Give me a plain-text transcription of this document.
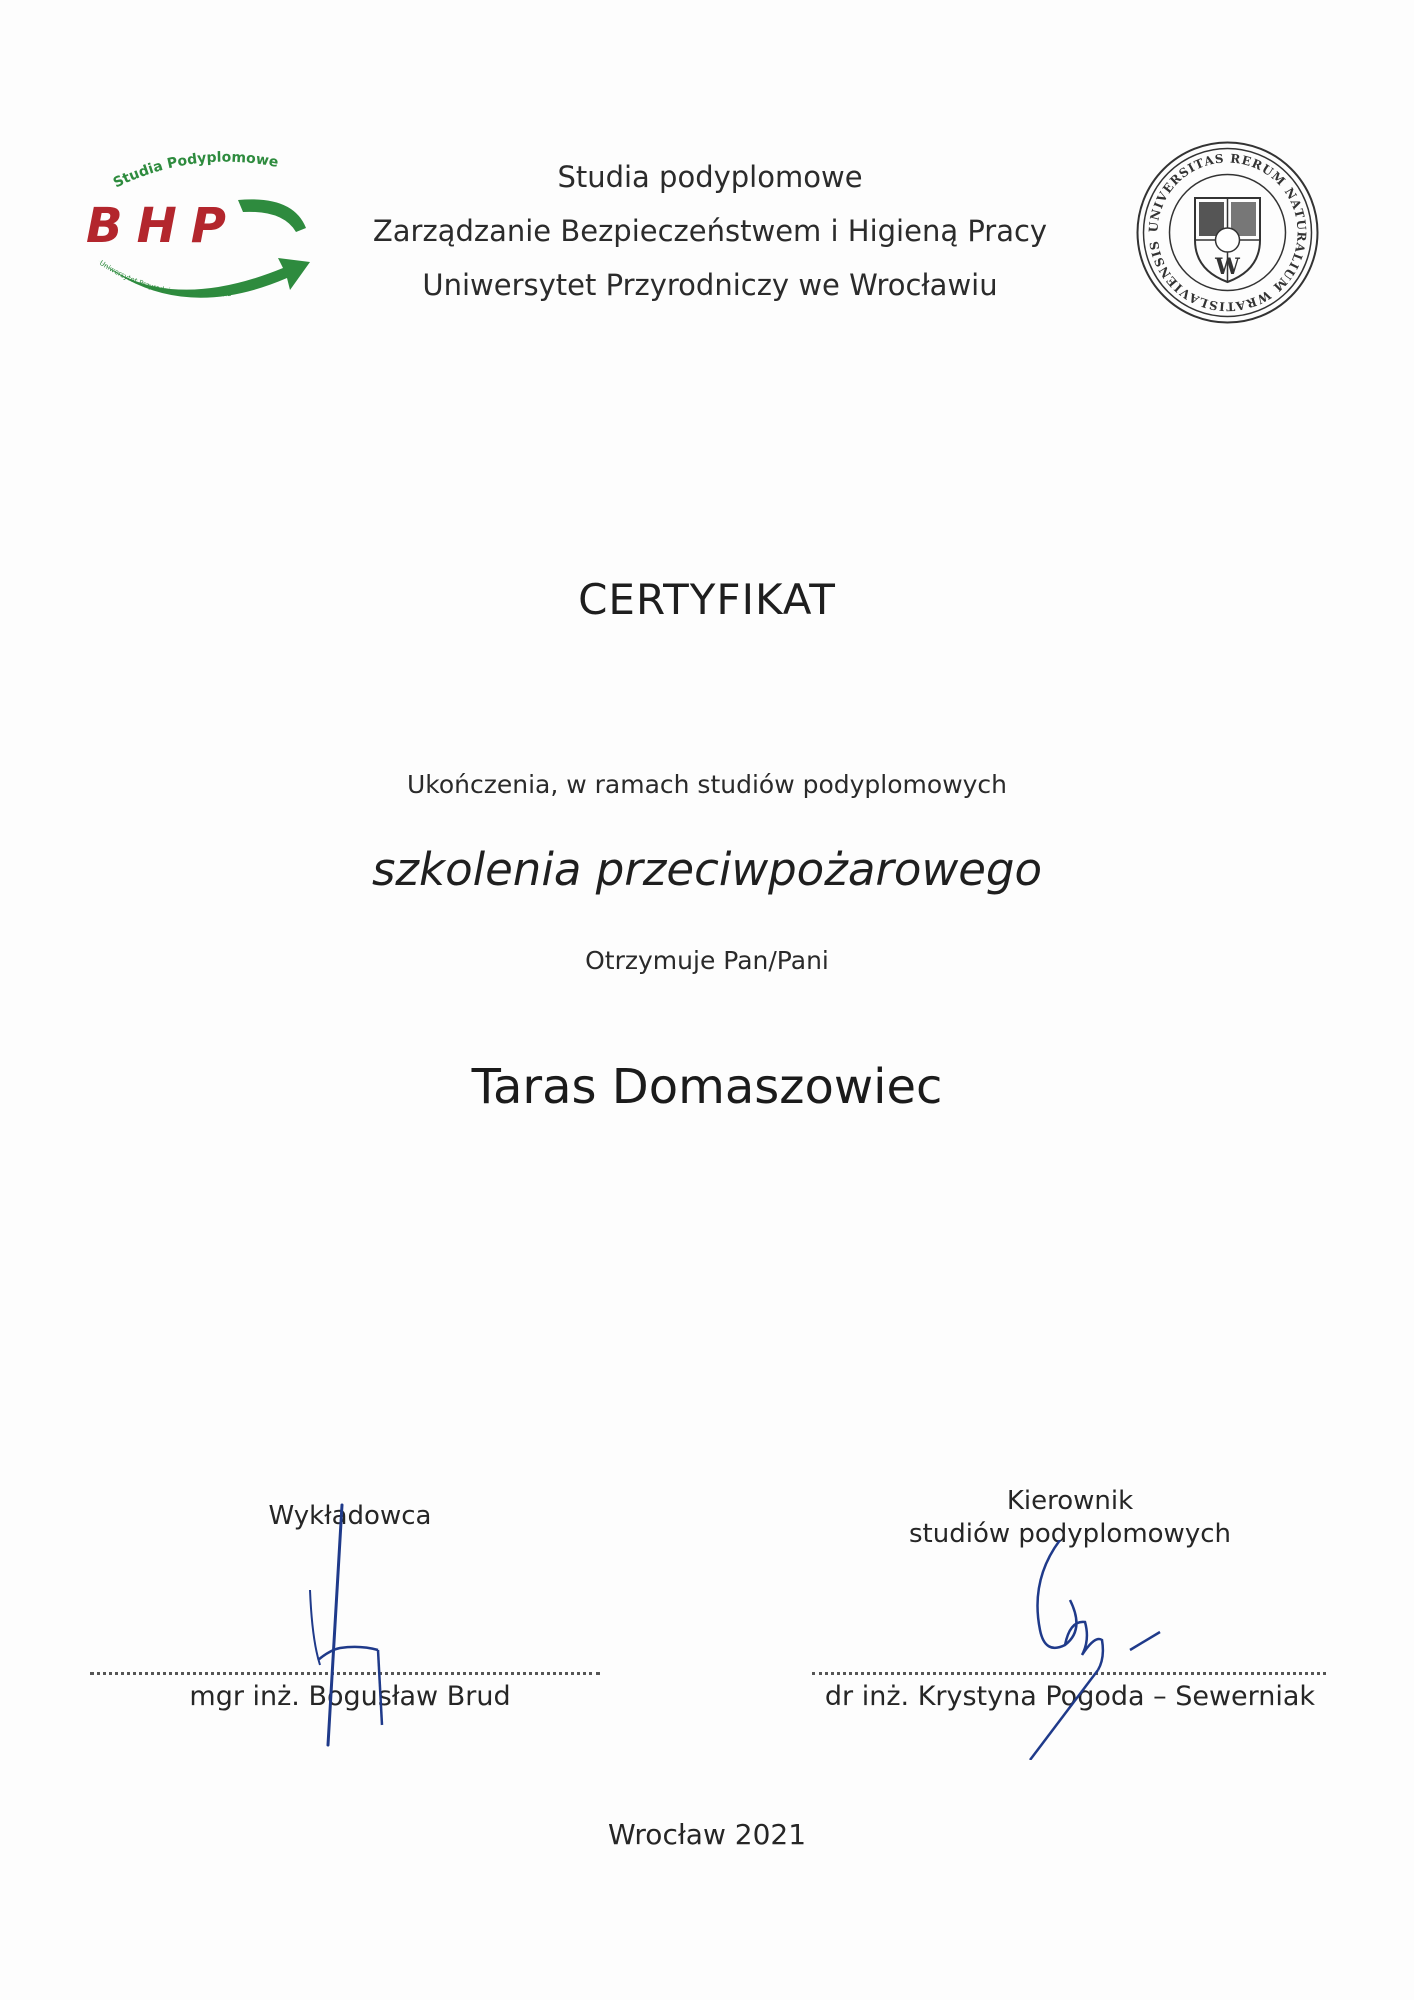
Studia Podyplomowe
BHP
Uniwersytet Przyrodniczy we Wrocławiu
Studia podyplomowe
Zarządzanie Bezpieczeństwem i Higieną Pracy
Uniwersytet Przyrodniczy we Wrocławiu
UNIVERSITAS RERUM NATURALIUM WRATISLAVIENSIS
W
CERTYFIKAT
Ukończenia, w ramach studiów podyplomowych
szkolenia przeciwpożarowego
Otrzymuje Pan/Pani
Taras Domaszowiec
Wykładowca
mgr inż. Bogusław Brud
Kierownik
studiów podyplomowych
dr inż. Krystyna Pogoda – Sewerniak
Wrocław 2021
